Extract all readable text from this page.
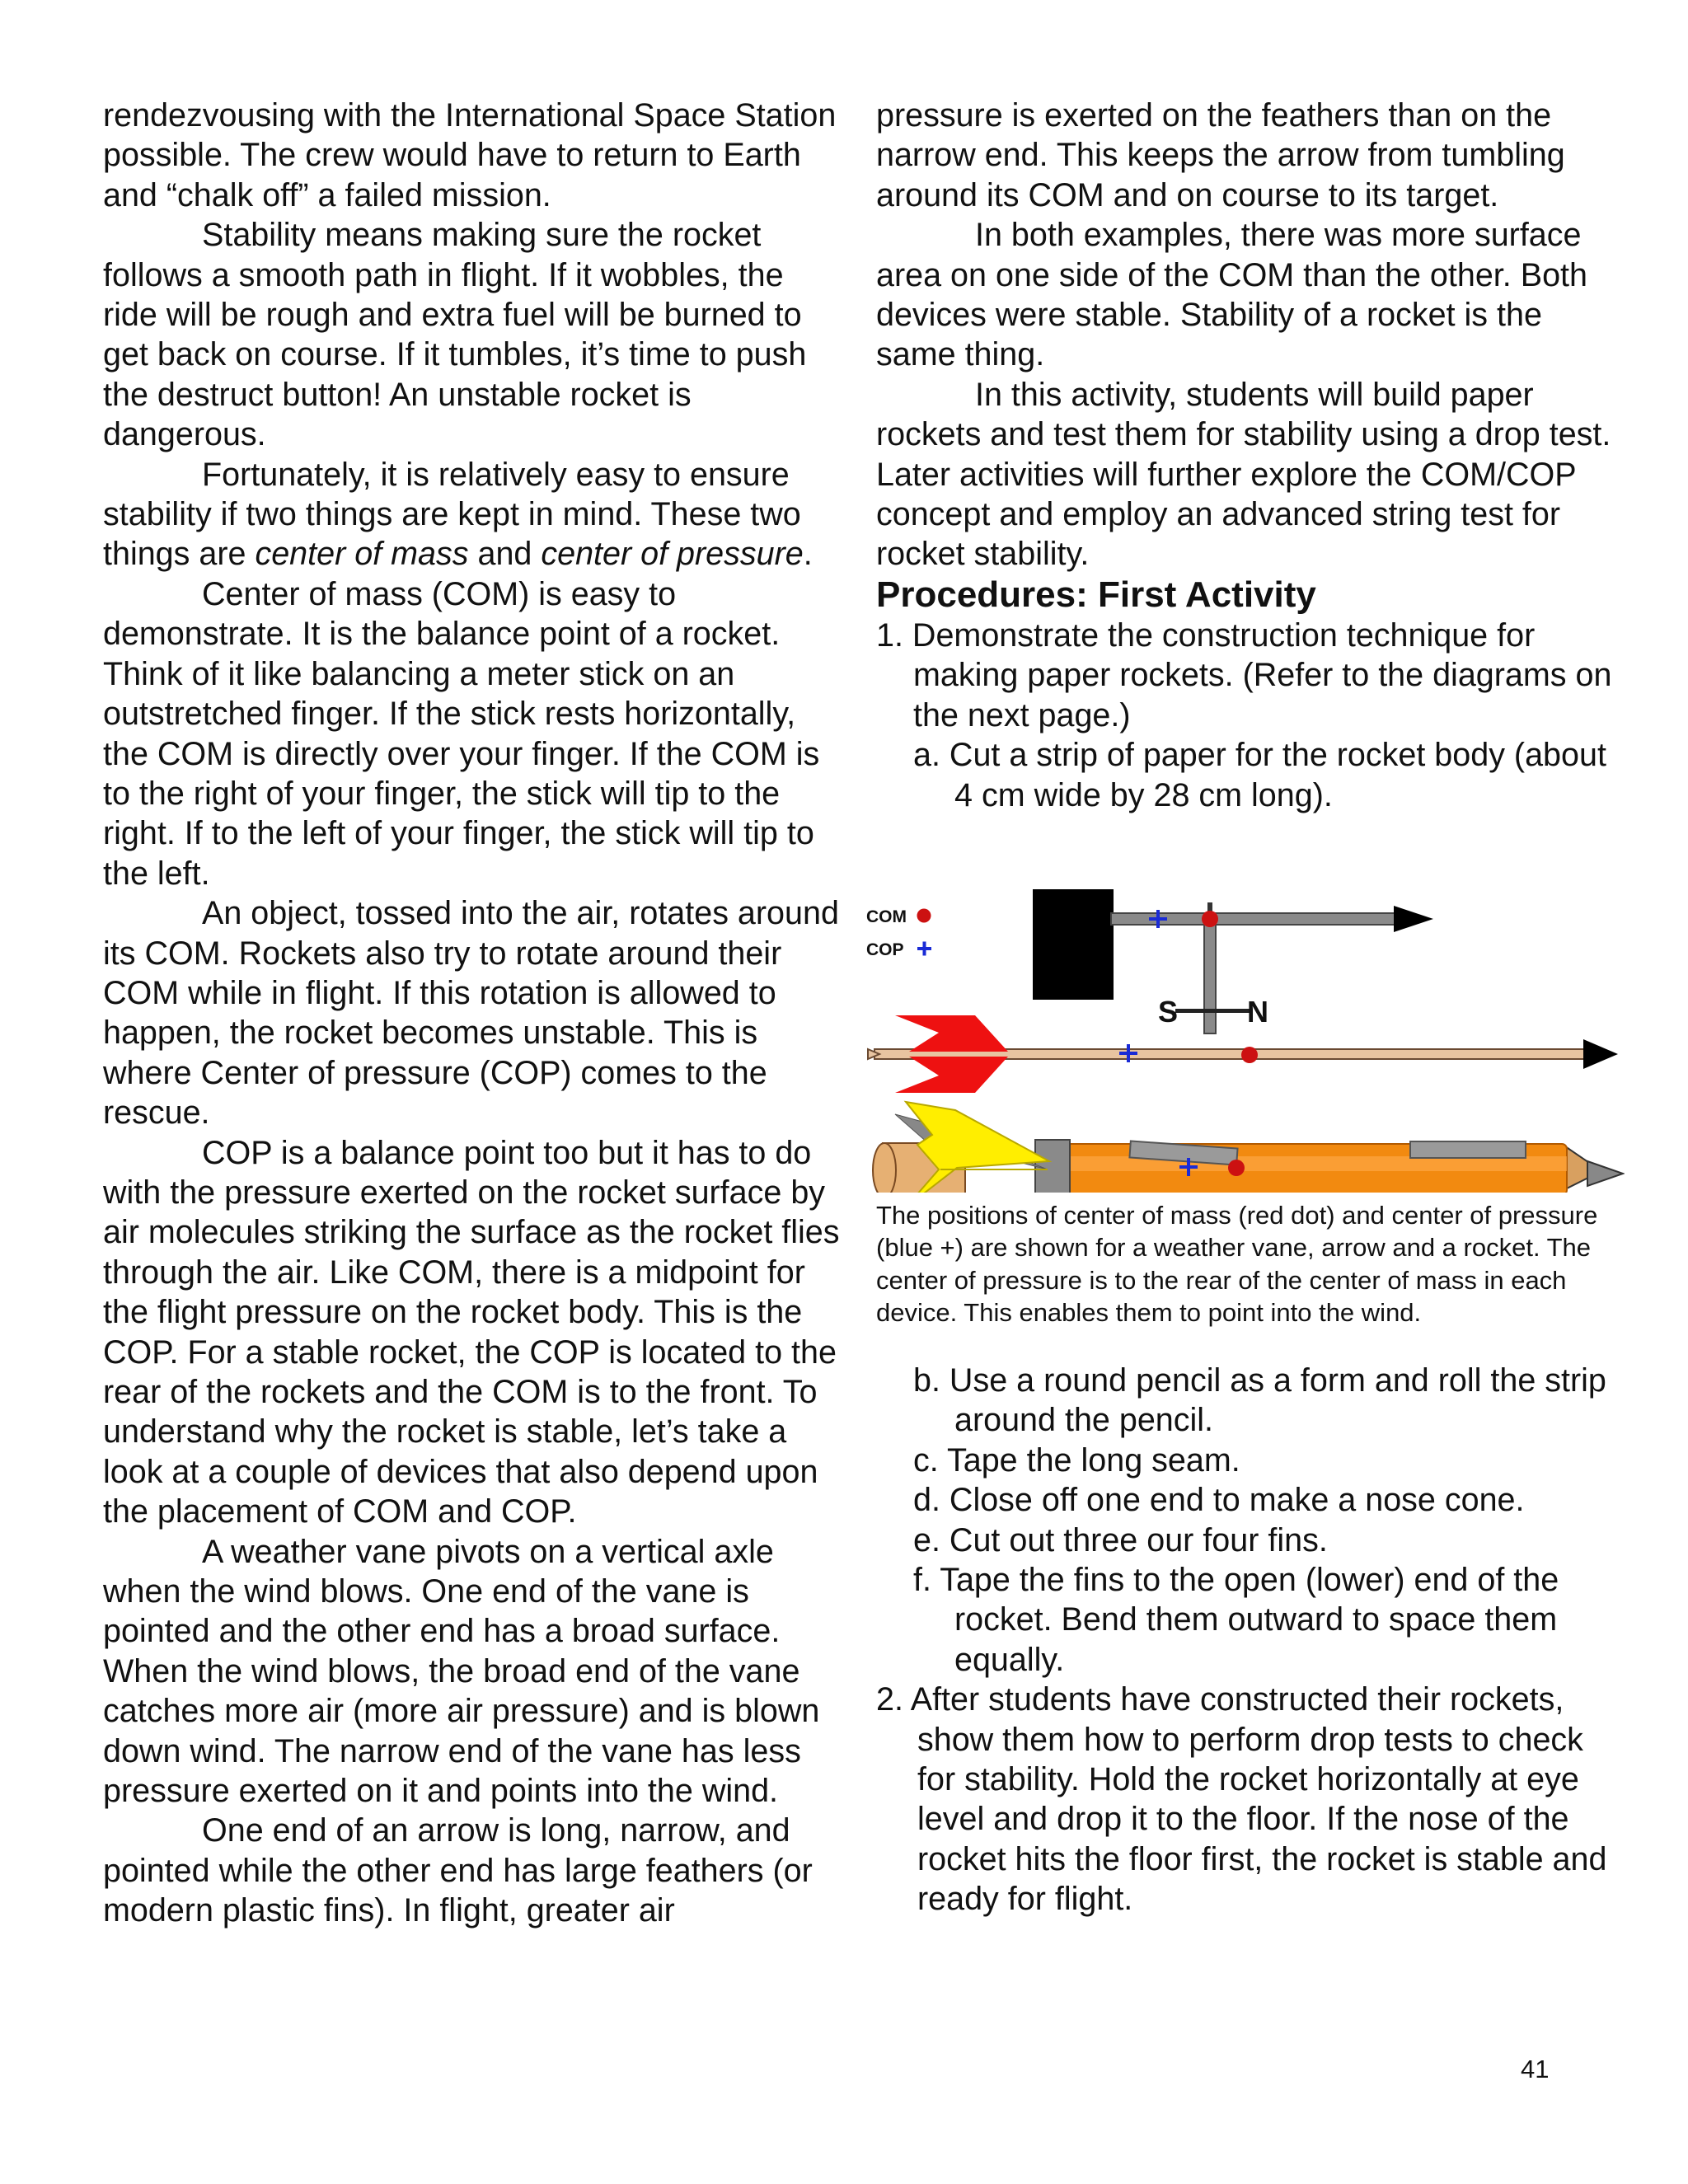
rendezvousing with the International Space Station possible. The crew would have to return to Earth and “chalk off” a failed mission.

Stability means making sure the rocket follows a smooth path in flight. If it wobbles, the ride will be rough and extra fuel will be burned to get back on course. If it tumbles, it’s time to push the destruct button! An unstable rocket is dangerous.

Fortunately, it is relatively easy to ensure stability if two things are kept in mind. These two things are center of mass and center of pressure.

Center of mass (COM) is easy to demonstrate. It is the balance point of a rocket. Think of it like balancing a meter stick on an outstretched finger. If the stick rests horizontally, the COM is directly over your finger. If the COM is to the right of your finger, the stick will tip to the right. If to the left of your finger, the stick will tip to the left.

An object, tossed into the air, rotates around its COM. Rockets also try to rotate around their COM while in flight. If this rotation is allowed to happen, the rocket becomes unstable. This is where Center of pressure (COP) comes to the rescue.

COP is a balance point too but it has to do with the pressure exerted on the rocket surface by air molecules striking the surface as the rocket flies through the air. Like COM, there is a midpoint for the flight pressure on the rocket body. This is the COP. For a stable rocket, the COP is located to the rear of the rockets and the COM is to the front. To understand why the rocket is stable, let’s take a look at a couple of devices that also depend upon the placement of COM and COP.

A weather vane pivots on a vertical axle when the wind blows. One end of the vane is pointed and the other end has a broad surface. When the wind blows, the broad end of the vane catches more air (more air pressure) and is blown down wind. The narrow end of the vane has less pressure exerted on it and points into the wind.

One end of an arrow is long, narrow, and pointed while the other end has large feathers (or modern plastic fins). In flight, greater air

pressure is exerted on the feathers than on the narrow end. This keeps the arrow from tumbling around its COM and on course to its target.

In both examples, there was more surface area on one side of the COM than the other. Both devices were stable. Stability of a rocket is the same thing.

In this activity, students will build paper rockets and test them for stability using a drop test. Later activities will further explore the COM/COP concept and employ an advanced string test for rocket stability.

Procedures: First Activity

1. Demonstrate the construction technique for making paper rockets. (Refer to the diagrams on the next page.)

a. Cut a strip of paper for the rocket body (about 4 cm wide by 28 cm long).

COM
COP
S N

The positions of center of mass (red dot) and center of pressure (blue +) are shown for a weather vane, arrow and a rocket. The center of pressure is to the rear of the center of mass in each device. This enables them to point into the wind.

b. Use a round pencil as a form and roll the strip around the pencil.

c. Tape the long seam.

d. Close off one end to make a nose cone.

e. Cut out three our four fins.

f. Tape the fins to the open (lower) end of the rocket. Bend them outward to space them equally.

2. After students have constructed their rockets, show them how to perform drop tests to check for stability. Hold the rocket horizontally at eye level and drop it to the floor. If the nose of the rocket hits the floor first, the rocket is stable and ready for flight.

41
